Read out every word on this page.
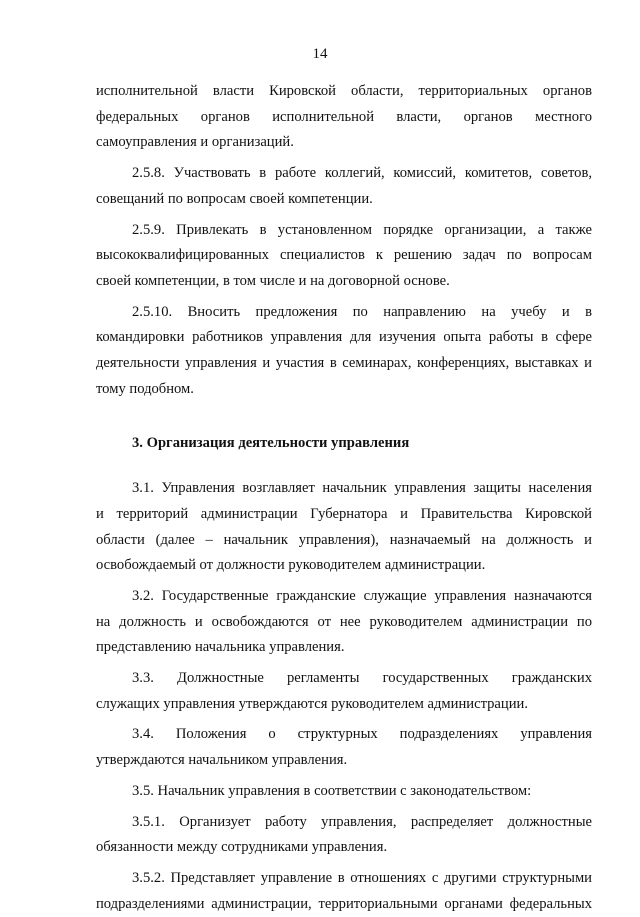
14

исполнительной власти Кировской области, территориальных органов

федеральных органов исполнительной власти, органов местного

самоуправления и организаций.

2.5.8. Участвовать в работе коллегий, комиссий, комитетов, советов,

совещаний по вопросам своей компетенции.

2.5.9. Привлекать в установленном порядке организации, а также

высококвалифицированных специалистов к решению задач по вопросам

своей компетенции, в том числе и на договорной основе.

2.5.10. Вносить предложения по направлению на учебу и в

командировки работников управления для изучения опыта работы в сфере

деятельности управления и участия в семинарах, конференциях, выставках и

тому подобном.

3. Организация деятельности управления

3.1. Управления возглавляет начальник управления защиты населения

и территорий администрации Губернатора и Правительства Кировской

области (далее – начальник управления), назначаемый на должность и

освобождаемый от должности руководителем администрации.

3.2. Государственные гражданские служащие управления назначаются

на должность и освобождаются от нее руководителем администрации по

представлению начальника управления.

3.3. Должностные регламенты государственных гражданских

служащих управления утверждаются руководителем администрации.

3.4. Положения о структурных подразделениях управления

утверждаются начальником управления.

3.5. Начальник управления в соответствии с законодательством:

3.5.1. Организует работу управления, распределяет должностные

обязанности между сотрудниками управления.

3.5.2. Представляет управление в отношениях с другими структурными

подразделениями администрации, территориальными органами федеральных
